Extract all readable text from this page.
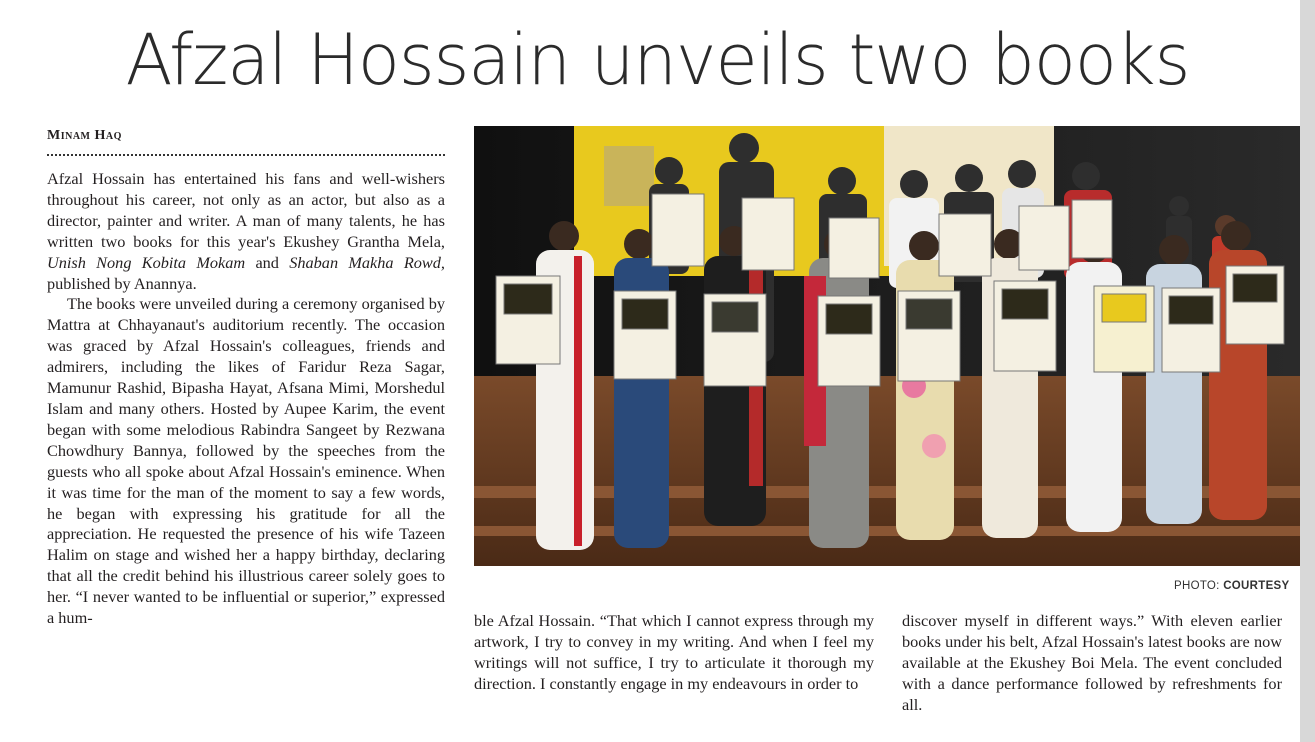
Afzal Hossain unveils two books
Minam Haq

Afzal Hossain has entertained his fans and well-wishers throughout his career, not only as an actor, but also as a director, painter and writer. A man of many talents, he has written two books for this year's Ekushey Grantha Mela, Unish Nong Kobita Mokam and Shaban Makha Rowd, published by Anannya.

The books were unveiled during a ceremony organised by Mattra at Chhayanaut's auditorium recently. The occasion was graced by Afzal Hossain's colleagues, friends and admirers, including the likes of Faridur Reza Sagar, Mamunur Rashid, Bipasha Hayat, Afsana Mimi, Morshedul Islam and many others. Hosted by Aupee Karim, the event began with some melodious Rabindra Sangeet by Rezwana Chowdhury Bannya, followed by the speeches from the guests who all spoke about Afzal Hossain's eminence. When it was time for the man of the moment to say a few words, he began with expressing his gratitude for all the appreciation. He requested the presence of his wife Tazeen Halim on stage and wished her a happy birthday, declaring that all the credit behind his illustrious career solely goes to her. “I never wanted to be influential or superior,” expressed a hum-

PHOTO: COURTESY

ble Afzal Hossain. “That which I cannot express through my artwork, I try to convey in my writing. And when I feel my writings will not suffice, I try to articulate it thorough my direction. I constantly engage in my endeavours in order to

discover myself in different ways.” With eleven earlier books under his belt, Afzal Hossain's latest books are now available at the Ekushey Boi Mela. The event concluded with a dance performance followed by refreshments for all.
